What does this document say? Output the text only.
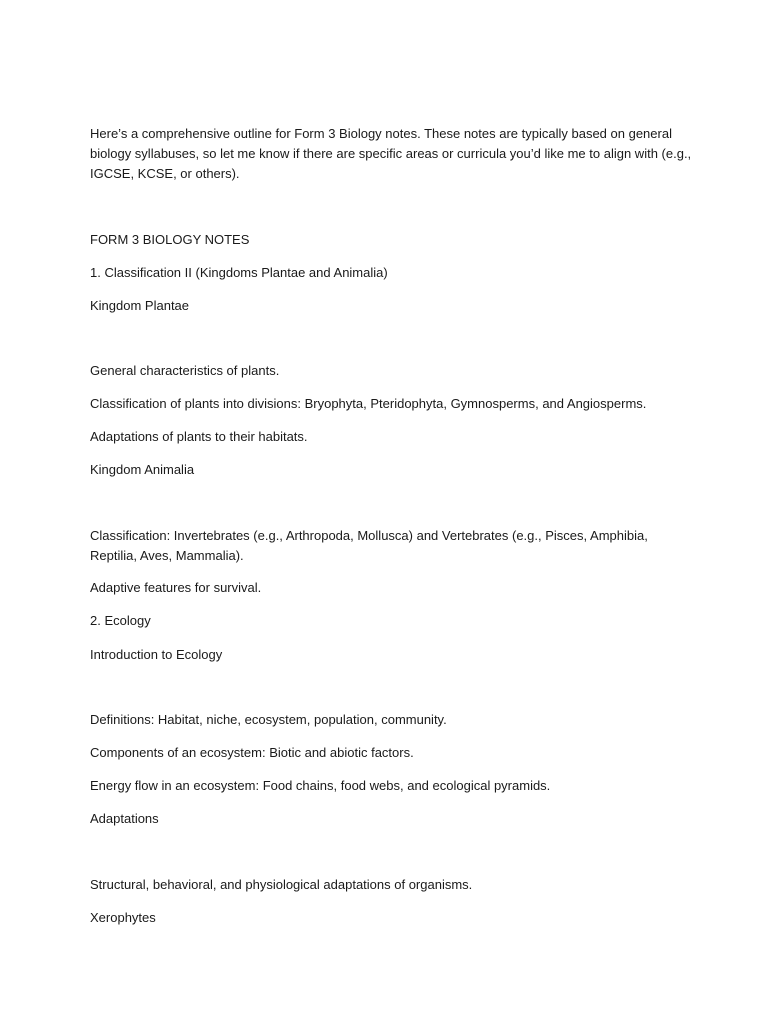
Here’s a comprehensive outline for Form 3 Biology notes. These notes are typically based on general
biology syllabuses, so let me know if there are specific areas or curricula you’d like me to align with (e.g.,
IGCSE, KCSE, or others).

FORM 3 BIOLOGY NOTES

1. Classification II (Kingdoms Plantae and Animalia)

Kingdom Plantae

General characteristics of plants.

Classification of plants into divisions: Bryophyta, Pteridophyta, Gymnosperms, and Angiosperms.

Adaptations of plants to their habitats.

Kingdom Animalia

Classification: Invertebrates (e.g., Arthropoda, Mollusca) and Vertebrates (e.g., Pisces, Amphibia,
Reptilia, Aves, Mammalia).

Adaptive features for survival.

2. Ecology

Introduction to Ecology

Definitions: Habitat, niche, ecosystem, population, community.

Components of an ecosystem: Biotic and abiotic factors.

Energy flow in an ecosystem: Food chains, food webs, and ecological pyramids.

Adaptations

Structural, behavioral, and physiological adaptations of organisms.

Xerophytes
